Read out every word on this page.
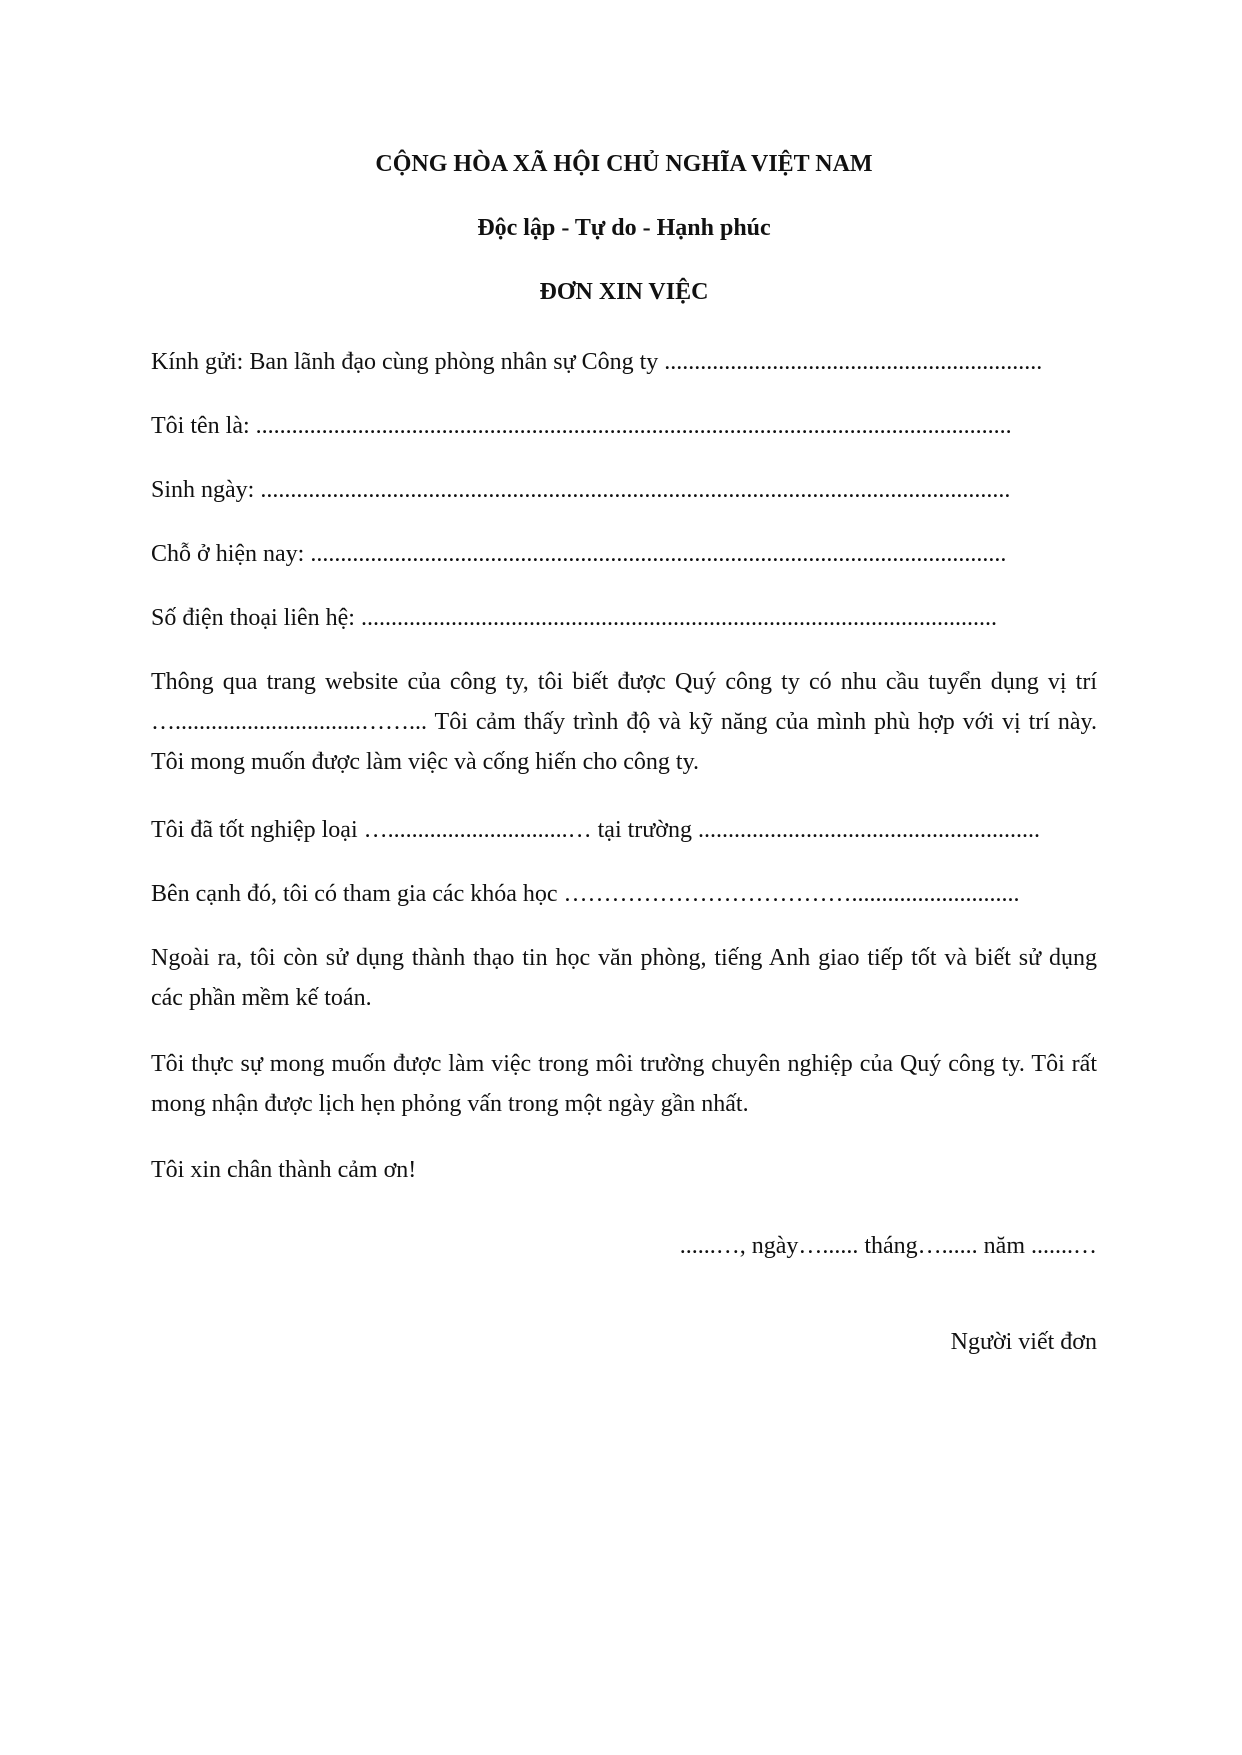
CỘNG HÒA XÃ HỘI CHỦ NGHĨA VIỆT NAM
Độc lập - Tự do - Hạnh phúc
ĐƠN XIN VIỆC
Kính gửi: Ban lãnh đạo cùng phòng nhân sự Công ty ...............................................................
Tôi tên là: ..............................................................................................................................
Sinh ngày: .............................................................................................................................
Chỗ ở hiện nay: ....................................................................................................................
Số điện thoại liên hệ: ..........................................................................................................
Thông qua trang website của công ty, tôi biết được Quý công ty có nhu cầu tuyển dụng vị trí …...............................……... Tôi cảm thấy trình độ và kỹ năng của mình phù hợp với vị trí này. Tôi mong muốn được làm việc và cống hiến cho công ty.
Tôi đã tốt nghiệp loại …..............................… tại trường .........................................................
Bên cạnh đó, tôi có tham gia các khóa học ………………………………............................
Ngoài ra, tôi còn sử dụng thành thạo tin học văn phòng, tiếng Anh giao tiếp tốt và biết sử dụng các phần mềm kế toán.
Tôi thực sự mong muốn được làm việc trong môi trường chuyên nghiệp của Quý công ty. Tôi rất mong nhận được lịch hẹn phỏng vấn trong một ngày gần nhất.
Tôi xin chân thành cảm ơn!
......…, ngày…...... tháng…...... năm .......…
Người viết đơn
